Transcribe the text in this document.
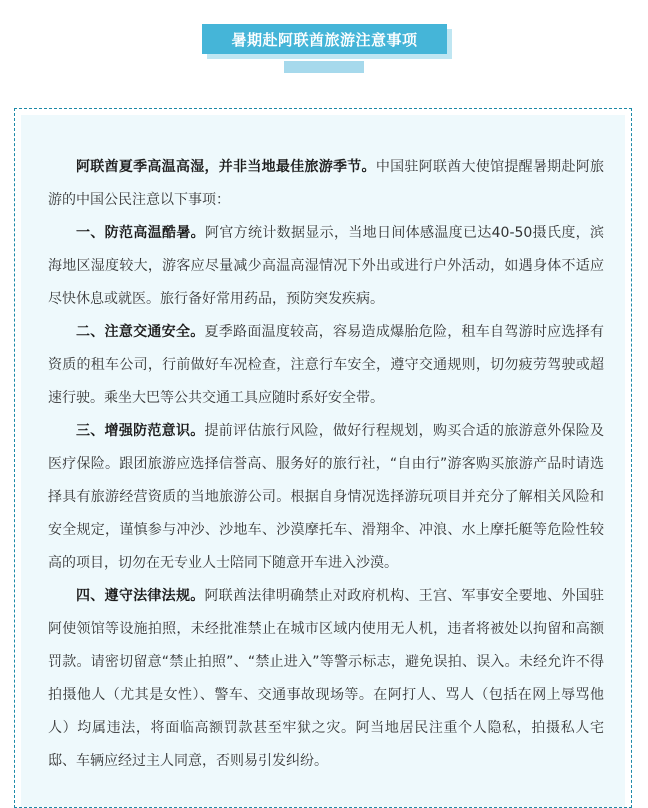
暑期赴阿联酋旅游注意事项

阿联酋夏季高温高湿，并非当地最佳旅游季节。中国驻阿联酋大使馆提醒暑期赴阿旅游的中国公民注意以下事项：

一、防范高温酷暑。阿官方统计数据显示，当地日间体感温度已达40-50摄氏度，滨海地区湿度较大，游客应尽量减少高温高湿情况下外出或进行户外活动，如遇身体不适应尽快休息或就医。旅行备好常用药品，预防突发疾病。

二、注意交通安全。夏季路面温度较高，容易造成爆胎危险，租车自驾游时应选择有资质的租车公司，行前做好车况检查，注意行车安全，遵守交通规则，切勿疲劳驾驶或超速行驶。乘坐大巴等公共交通工具应随时系好安全带。

三、增强防范意识。提前评估旅行风险，做好行程规划，购买合适的旅游意外保险及医疗保险。跟团旅游应选择信誉高、服务好的旅行社，“自由行”游客购买旅游产品时请选择具有旅游经营资质的当地旅游公司。根据自身情况选择游玩项目并充分了解相关风险和安全规定，谨慎参与冲沙、沙地车、沙漠摩托车、滑翔伞、冲浪、水上摩托艇等危险性较高的项目，切勿在无专业人士陪同下随意开车进入沙漠。

四、遵守法律法规。阿联酋法律明确禁止对政府机构、王宫、军事安全要地、外国驻阿使领馆等设施拍照，未经批准禁止在城市区域内使用无人机，违者将被处以拘留和高额罚款。请密切留意“禁止拍照”、“禁止进入”等警示标志，避免误拍、误入。未经允许不得拍摄他人（尤其是女性）、警车、交通事故现场等。在阿打人、骂人（包括在网上辱骂他人）均属违法，将面临高额罚款甚至牢狱之灾。阿当地居民注重个人隐私，拍摄私人宅邸、车辆应经过主人同意，否则易引发纠纷。
